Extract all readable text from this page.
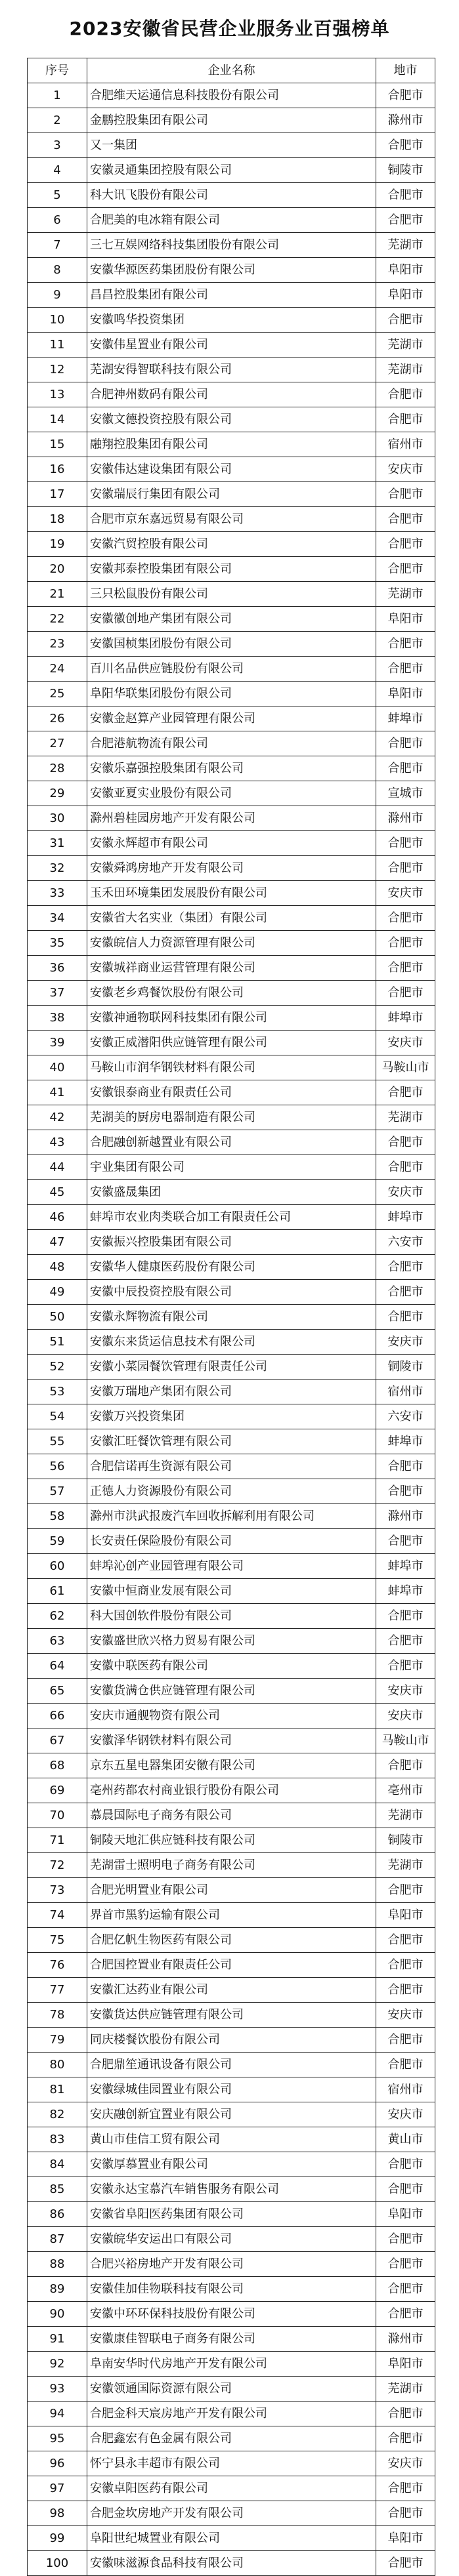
2023安徽省民营企业服务业百强榜单
序号	企业名称	地市
1	合肥维天运通信息科技股份有限公司	合肥市
2	金鹏控股集团有限公司	滁州市
3	又一集团	合肥市
4	安徽灵通集团控股有限公司	铜陵市
5	科大讯飞股份有限公司	合肥市
6	合肥美的电冰箱有限公司	合肥市
7	三七互娱网络科技集团股份有限公司	芜湖市
8	安徽华源医药集团股份有限公司	阜阳市
9	昌昌控股集团有限公司	阜阳市
10	安徽鸣华投资集团	合肥市
11	安徽伟星置业有限公司	芜湖市
12	芜湖安得智联科技有限公司	芜湖市
13	合肥神州数码有限公司	合肥市
14	安徽文德投资控股有限公司	合肥市
15	融翔控股集团有限公司	宿州市
16	安徽伟达建设集团有限公司	安庆市
17	安徽瑞辰行集团有限公司	合肥市
18	合肥市京东嘉远贸易有限公司	合肥市
19	安徽汽贸控股有限公司	合肥市
20	安徽邦泰控股集团有限公司	合肥市
21	三只松鼠股份有限公司	芜湖市
22	安徽徽创地产集团有限公司	阜阳市
23	安徽国桢集团股份有限公司	合肥市
24	百川名品供应链股份有限公司	合肥市
25	阜阳华联集团股份有限公司	阜阳市
26	安徽金赵算产业园管理有限公司	蚌埠市
27	合肥港航物流有限公司	合肥市
28	安徽乐嘉强控股集团有限公司	合肥市
29	安徽亚夏实业股份有限公司	宣城市
30	滁州碧桂园房地产开发有限公司	滁州市
31	安徽永辉超市有限公司	合肥市
32	安徽舜鸿房地产开发有限公司	合肥市
33	玉禾田环境集团发展股份有限公司	安庆市
34	安徽省大名实业（集团）有限公司	合肥市
35	安徽皖信人力资源管理有限公司	合肥市
36	安徽城祥商业运营管理有限公司	合肥市
37	安徽老乡鸡餐饮股份有限公司	合肥市
38	安徽神通物联网科技集团有限公司	蚌埠市
39	安徽正威潜阳供应链管理有限公司	安庆市
40	马鞍山市润华钢铁材料有限公司	马鞍山市
41	安徽银泰商业有限责任公司	合肥市
42	芜湖美的厨房电器制造有限公司	芜湖市
43	合肥融创新越置业有限公司	合肥市
44	宇业集团有限公司	合肥市
45	安徽盛晟集团	安庆市
46	蚌埠市农业肉类联合加工有限责任公司	蚌埠市
47	安徽振兴控股集团有限公司	六安市
48	安徽华人健康医药股份有限公司	合肥市
49	安徽中辰投资控股有限公司	合肥市
50	安徽永辉物流有限公司	合肥市
51	安徽东来货运信息技术有限公司	安庆市
52	安徽小菜园餐饮管理有限责任公司	铜陵市
53	安徽万瑞地产集团有限公司	宿州市
54	安徽万兴投资集团	六安市
55	安徽汇旺餐饮管理有限公司	蚌埠市
56	合肥信诺再生资源有限公司	合肥市
57	正德人力资源股份有限公司	合肥市
58	滁州市洪武报废汽车回收拆解利用有限公司	滁州市
59	长安责任保险股份有限公司	合肥市
60	蚌埠沁创产业园管理有限公司	蚌埠市
61	安徽中恒商业发展有限公司	蚌埠市
62	科大国创软件股份有限公司	合肥市
63	安徽盛世欣兴格力贸易有限公司	合肥市
64	安徽中联医药有限公司	合肥市
65	安徽货满仓供应链管理有限公司	安庆市
66	安庆市通舰物资有限公司	安庆市
67	安徽泽华钢铁材料有限公司	马鞍山市
68	京东五星电器集团安徽有限公司	合肥市
69	亳州药都农村商业银行股份有限公司	亳州市
70	慕晨国际电子商务有限公司	芜湖市
71	铜陵天地汇供应链科技有限公司	铜陵市
72	芜湖雷士照明电子商务有限公司	芜湖市
73	合肥光明置业有限公司	合肥市
74	界首市黑豹运输有限公司	阜阳市
75	合肥亿帆生物医药有限公司	合肥市
76	合肥国控置业有限责任公司	合肥市
77	安徽汇达药业有限公司	合肥市
78	安徽货达供应链管理有限公司	安庆市
79	同庆楼餐饮股份有限公司	合肥市
80	合肥鼎笙通讯设备有限公司	合肥市
81	安徽绿城佳园置业有限公司	宿州市
82	安庆融创新宜置业有限公司	安庆市
83	黄山市佳信工贸有限公司	黄山市
84	安徽厚慕置业有限公司	合肥市
85	安徽永达宝慕汽车销售服务有限公司	合肥市
86	安徽省阜阳医药集团有限公司	阜阳市
87	安徽皖华安运出口有限公司	合肥市
88	合肥兴裕房地产开发有限公司	合肥市
89	安徽佳加佳物联科技有限公司	合肥市
90	安徽中环环保科技股份有限公司	合肥市
91	安徽康佳智联电子商务有限公司	滁州市
92	阜南安华时代房地产开发有限公司	阜阳市
93	安徽领通国际资源有限公司	芜湖市
94	合肥金科天宸房地产开发有限公司	合肥市
95	合肥鑫宏有色金属有限公司	合肥市
96	怀宁县永丰超市有限公司	安庆市
97	安徽卓阳医药有限公司	合肥市
98	合肥金坎房地产开发有限公司	合肥市
99	阜阳世纪城置业有限公司	阜阳市
100	安徽味滋源食品科技有限公司	合肥市
